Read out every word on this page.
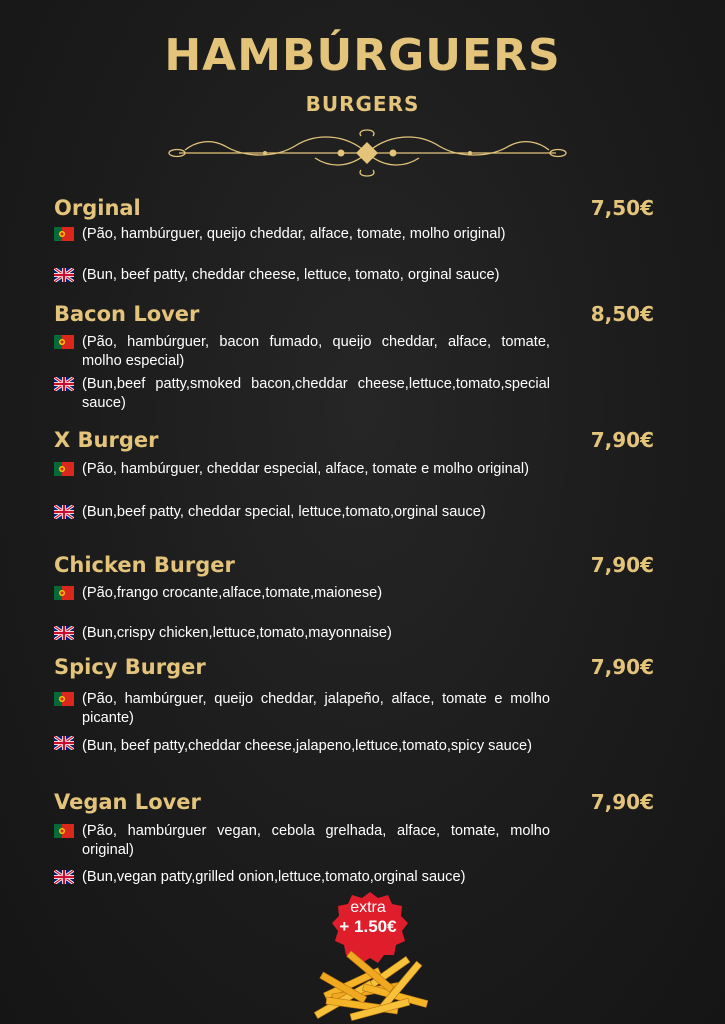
HAMBÚRGUERS
BURGERS
Orginal	7,50€
(Pão, hambúrguer, queijo cheddar, alface, tomate, molho original)
(Bun, beef patty, cheddar cheese, lettuce, tomato, orginal sauce)
Bacon Lover	8,50€
(Pão, hambúrguer, bacon fumado, queijo cheddar, alface, tomate, molho especial)
(Bun,beef patty,smoked bacon,cheddar cheese,lettuce,tomato,special sauce)
X Burger	7,90€
(Pão, hambúrguer, cheddar especial, alface, tomate e molho original)
(Bun,beef patty, cheddar special, lettuce,tomato,orginal sauce)
Chicken Burger	7,90€
(Pão,frango crocante,alface,tomate,maionese)
(Bun,crispy chicken,lettuce,tomato,mayonnaise)
Spicy Burger	7,90€
(Pão, hambúrguer, queijo cheddar, jalapeño, alface, tomate e molho picante)
(Bun, beef patty,cheddar cheese,jalapeno,lettuce,tomato,spicy sauce)
Vegan Lover	7,90€
(Pão, hambúrguer vegan, cebola grelhada, alface, tomate, molho original)
(Bun,vegan patty,grilled onion,lettuce,tomato,orginal sauce)
extra
+ 1.50€
